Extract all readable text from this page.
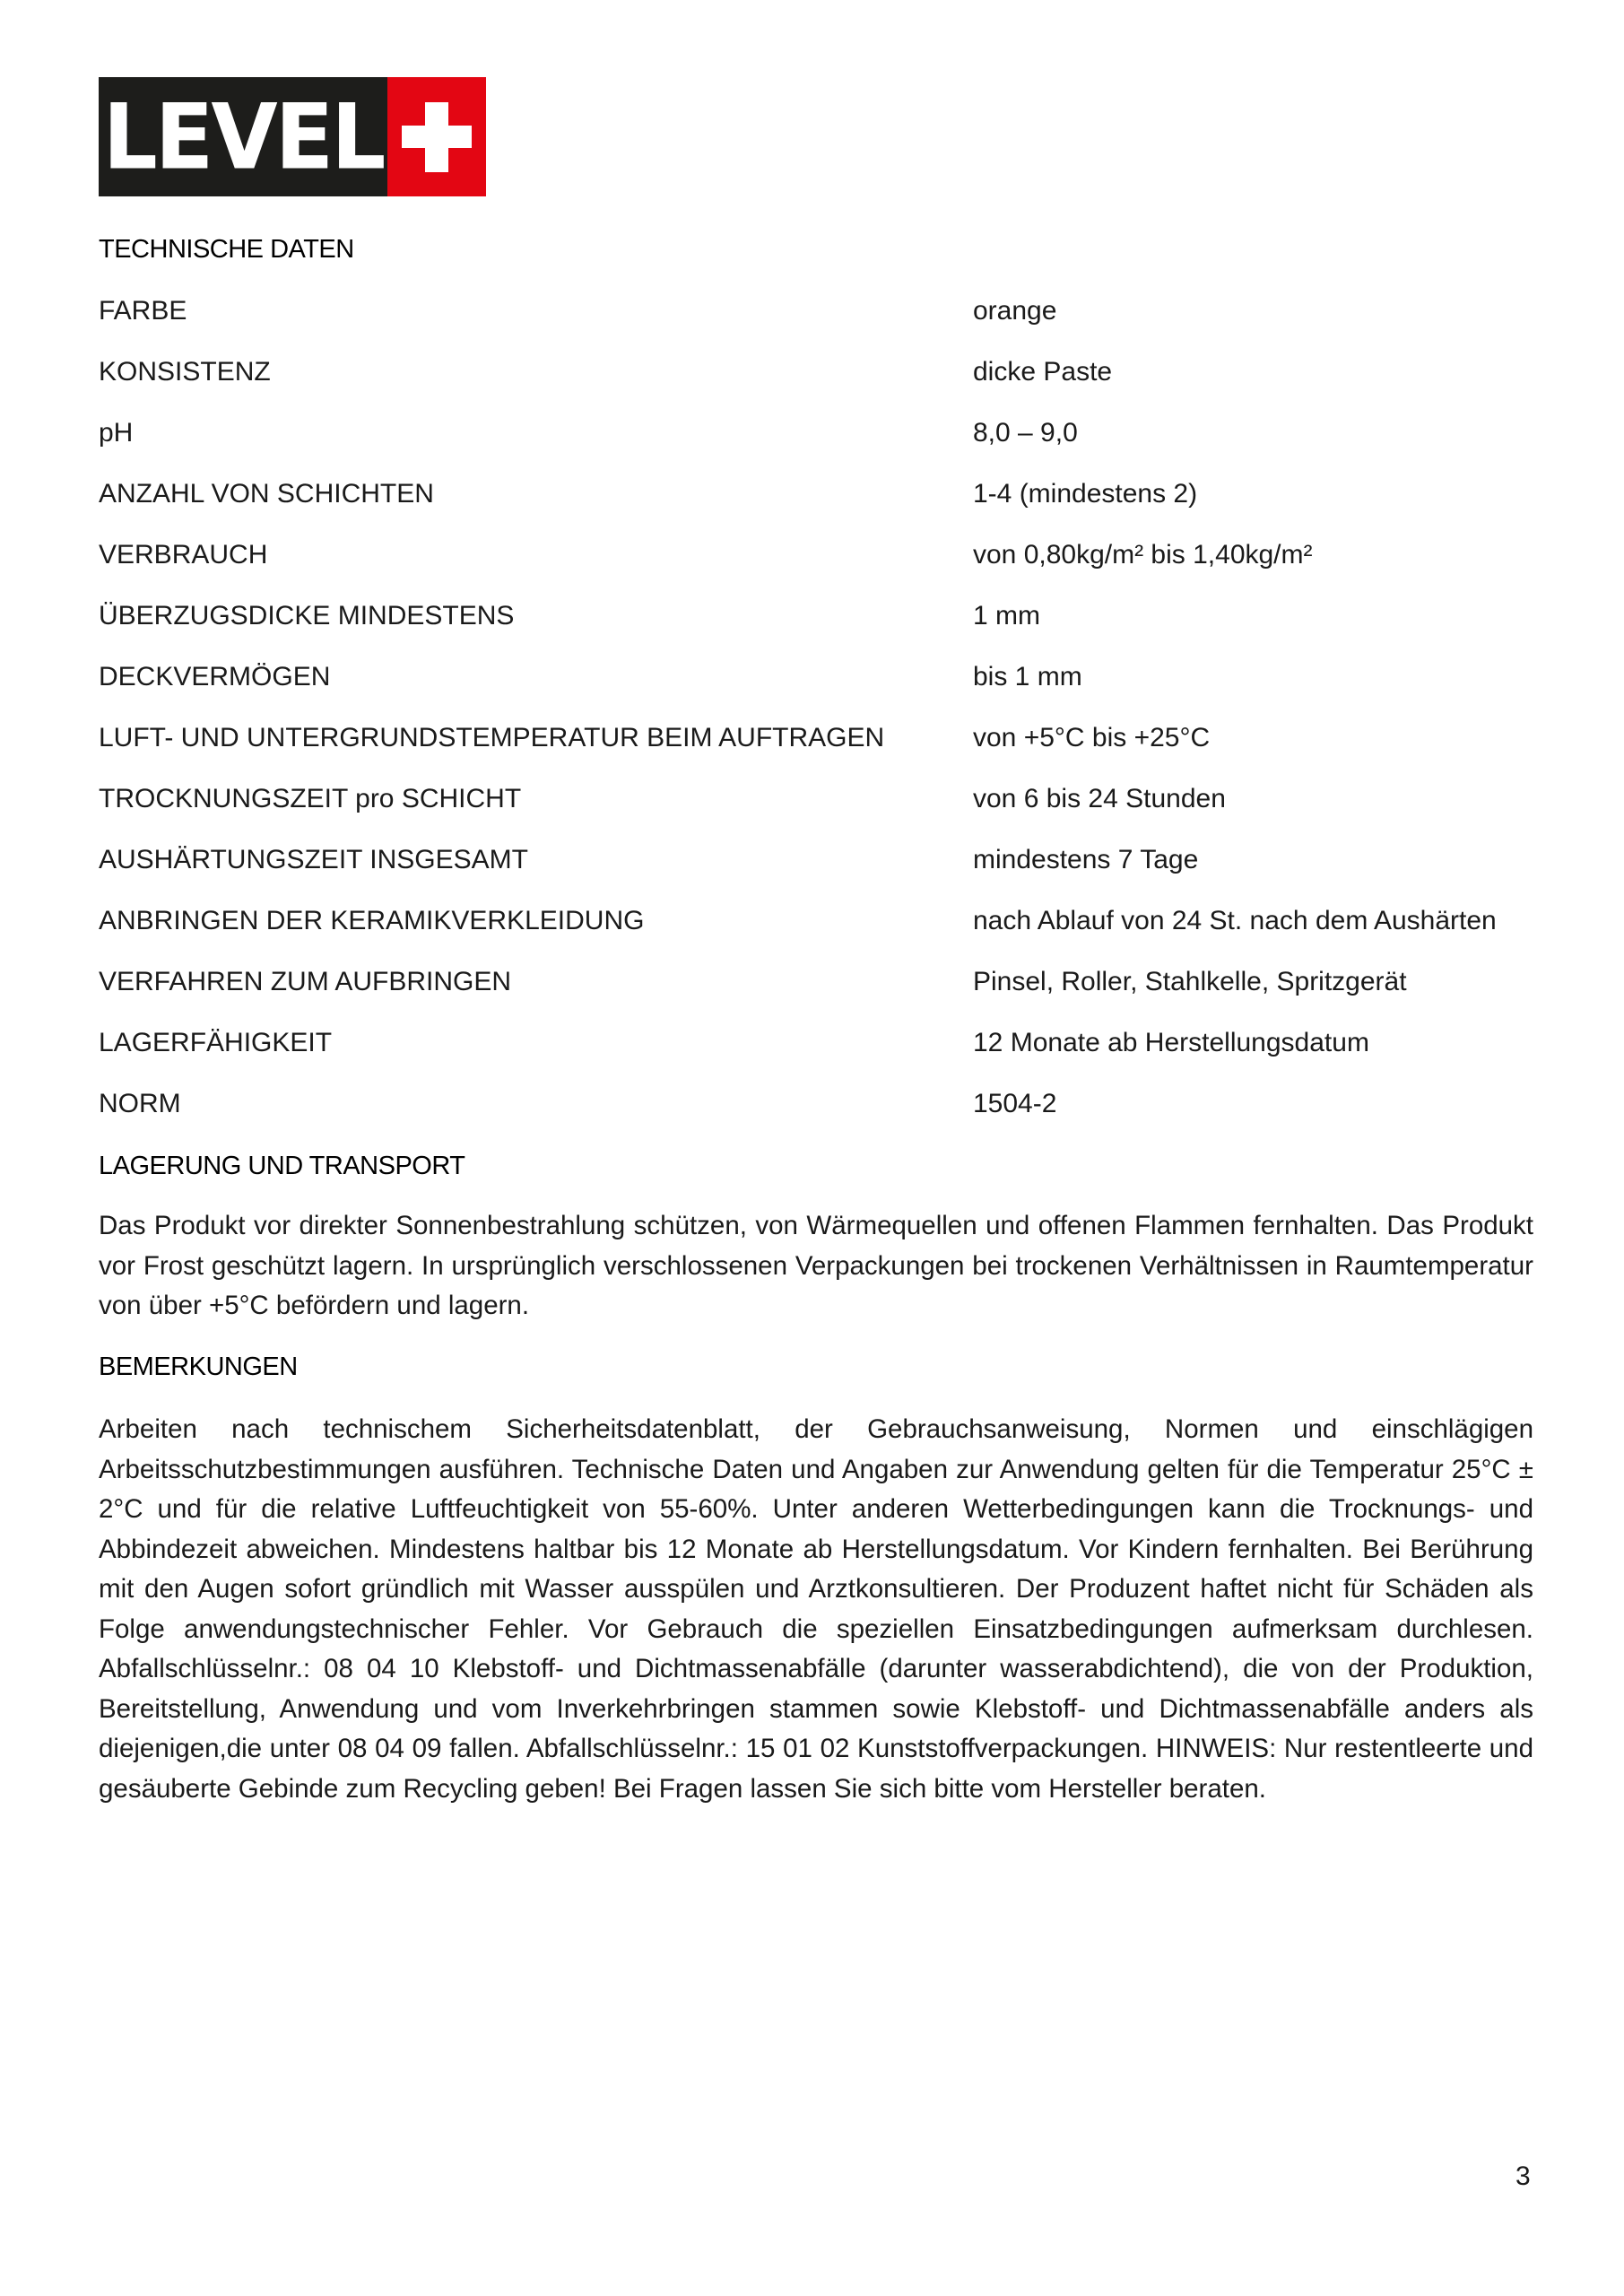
LEVEL
TECHNISCHE DATEN
FARBE	orange
KONSISTENZ	dicke Paste
pH	8,0 – 9,0
ANZAHL VON SCHICHTEN	1-4 (mindestens 2)
VERBRAUCH	von 0,80kg/m² bis 1,40kg/m²
ÜBERZUGSDICKE MINDESTENS	1 mm
DECKVERMÖGEN	bis 1 mm
LUFT- UND UNTERGRUNDSTEMPERATUR BEIM AUFTRAGEN	von +5°C bis +25°C
TROCKNUNGSZEIT pro SCHICHT	von 6 bis 24 Stunden
AUSHÄRTUNGSZEIT INSGESAMT	mindestens 7 Tage
ANBRINGEN DER KERAMIKVERKLEIDUNG	nach Ablauf von 24 St. nach dem Aushärten
VERFAHREN ZUM AUFBRINGEN	Pinsel, Roller, Stahlkelle, Spritzgerät
LAGERFÄHIGKEIT	12 Monate ab Herstellungsdatum
NORM	1504-2
LAGERUNG UND TRANSPORT

Das Produkt vor direkter Sonnenbestrahlung schützen, von Wärmequellen und offenen Flammen fernhalten. Das Produkt vor Frost geschützt lagern. In ursprünglich verschlossenen Verpackungen bei trockenen Verhältnissen in Raumtemperatur von über +5°C befördern und lagern.

BEMERKUNGEN

Arbeiten nach technischem Sicherheitsdatenblatt, der Gebrauchsanweisung, Normen und einschlägigen Arbeitsschutzbestimmungen ausführen. Technische Daten und Angaben zur Anwendung gelten für die Temperatur 25°C ± 2°C und für die relative Luftfeuchtigkeit von 55-60%. Unter anderen Wetterbedingungen kann die Trocknungs- und Abbindezeit abweichen. Mindestens haltbar bis 12 Monate ab Herstellungsdatum. Vor Kindern fernhalten. Bei Berührung mit den Augen sofort gründlich mit Wasser ausspülen und Arztkonsultieren. Der Produzent haftet nicht für Schäden als Folge anwendungstechnischer Fehler. Vor Gebrauch die speziellen Einsatzbedingungen aufmerksam durchlesen. Abfallschlüsselnr.: 08 04 10 Klebstoff- und Dichtmassenabfälle (darunter wasserabdichtend), die von der Produktion, Bereitstellung, Anwendung und vom Inverkehrbringen stammen sowie Klebstoff- und Dichtmassenabfälle anders als diejenigen,die unter 08 04 09 fallen. Abfallschlüsselnr.: 15 01 02 Kunststoffverpackungen. HINWEIS: Nur restentleerte und gesäuberte Gebinde zum Recycling geben! Bei Fragen lassen Sie sich bitte vom Hersteller beraten.

3
